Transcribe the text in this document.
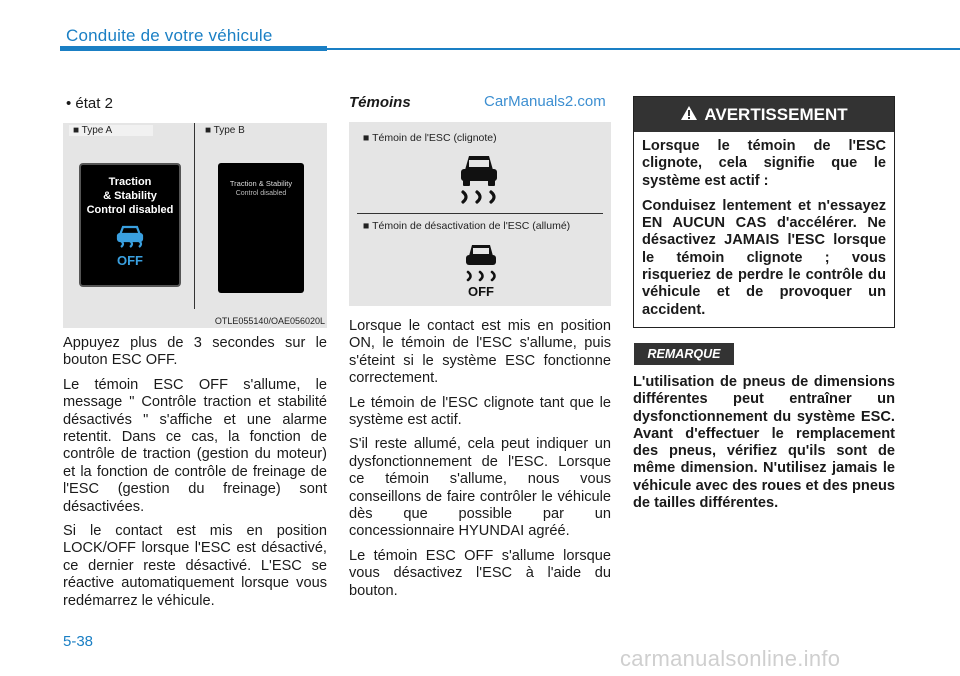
Conduite de votre véhicule
• état 2
■ Type A	■ Type B
Traction
& Stability
Control disabled
OFF
Traction & Stability
Control disabled
OTLE055140/OAE056020L

Appuyez plus de 3 secondes sur le bouton ESC OFF.

Le témoin ESC OFF s'allume, le message " Contrôle traction et stabilité désactivés " s'affiche et une alarme retentit. Dans ce cas, la fonction de contrôle de traction (gestion du moteur) et la fonction de contrôle de freinage de l'ESC (gestion du freinage) sont désactivées.

Si le contact est mis en position LOCK/OFF lorsque l'ESC est désactivé, ce dernier reste désactivé. L'ESC se réactive automatiquement lorsque vous redémarrez le véhicule.

5-38
Témoins	CarManuals2.com
■ Témoin de l'ESC (clignote)
■ Témoin de désactivation de l'ESC (allumé)
OFF

Lorsque le contact est mis en position ON, le témoin de l'ESC s'allume, puis s'éteint si le système ESC fonctionne correctement.

Le témoin de l'ESC clignote tant que le système est actif.

S'il reste allumé, cela peut indiquer un dysfonctionnement de l'ESC. Lorsque ce témoin s'allume, nous vous conseillons de faire contrôler le véhicule dès que possible par un concessionnaire HYUNDAI agréé.

Le témoin ESC OFF s'allume lorsque vous désactivez l'ESC à l'aide du bouton.

AVERTISSEMENT

Lorsque le témoin de l'ESC clignote, cela signifie que le système est actif :

Conduisez lentement et n'essayez EN AUCUN CAS d'accélérer. Ne désactivez JAMAIS l'ESC lorsque le témoin clignote ; vous risqueriez de perdre le contrôle du véhicule et de provoquer un accident.

REMARQUE
L'utilisation de pneus de dimensions différentes peut entraîner un dysfonctionnement du système ESC. Avant d'effectuer le remplacement des pneus, vérifiez qu'ils sont de même dimension. N'utilisez jamais le véhicule avec des roues et des pneus de tailles différentes.
carmanualsonline.info
